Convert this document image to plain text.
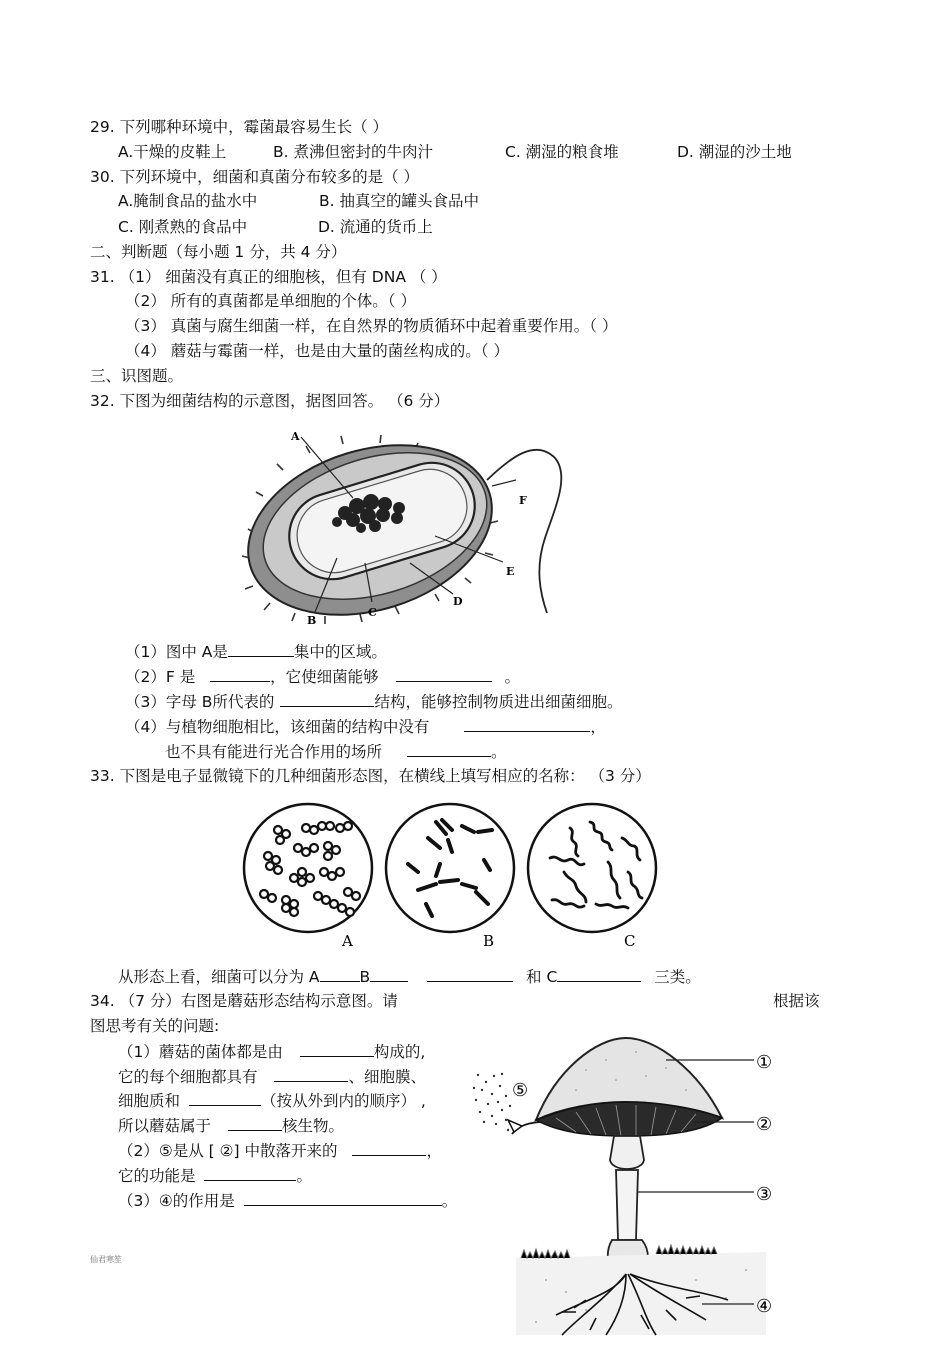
29. 下列哪种环境中，霉菌最容易生长（ ）
A.干燥的皮鞋上	B. 煮沸但密封的牛肉汁	C. 潮湿的粮食堆	D. 潮湿的沙土地
30. 下列环境中，细菌和真菌分布较多的是（ ）
A.腌制食品的盐水中	B. 抽真空的罐头食品中
C. 刚煮熟的食品中	D. 流通的货币上
二、判断题（每小题 1 分，共 4 分）
31. （1） 细菌没有真正的细胞核，但有 DNA （ ）
（2） 所有的真菌都是单细胞的个体。（ ）
（3） 真菌与腐生细菌一样，在自然界的物质循环中起着重要作用。（ ）
（4） 蘑菇与霉菌一样，也是由大量的菌丝构成的。（ ）
三、识图题。
32. 下图为细菌结构的示意图，据图回答。 （6 分）
A
B
C
D
E
F
（1）图中 A是	集中的区域。
（2）F 是	，它使细菌能够	。
（3）字母 B所代表的	结构，能够控制物质进出细菌细胞。
（4）与植物细胞相比，该细菌的结构中没有	，
也不具有能进行光合作用的场所	。
33. 下图是电子显微镜下的几种细菌形态图，在横线上填写相应的名称： （3 分）
A	B	C
从形态上看，细菌可以分为 A	B	和 C	三类。
34. （7 分）右图是蘑菇形态结构示意图。请	根据该
图思考有关的问题:
（1）蘑菇的菌体都是由	构成的,
它的每个细胞都具有	、细胞膜、
细胞质和	（按从外到内的顺序） ,
所以蘑菇属于	核生物。
（2）⑤是从 [ ②] 中散落开来的	，
它的功能是	。
（3）④的作用是	。
①
②
③
④
⑤
仙君寒笙
